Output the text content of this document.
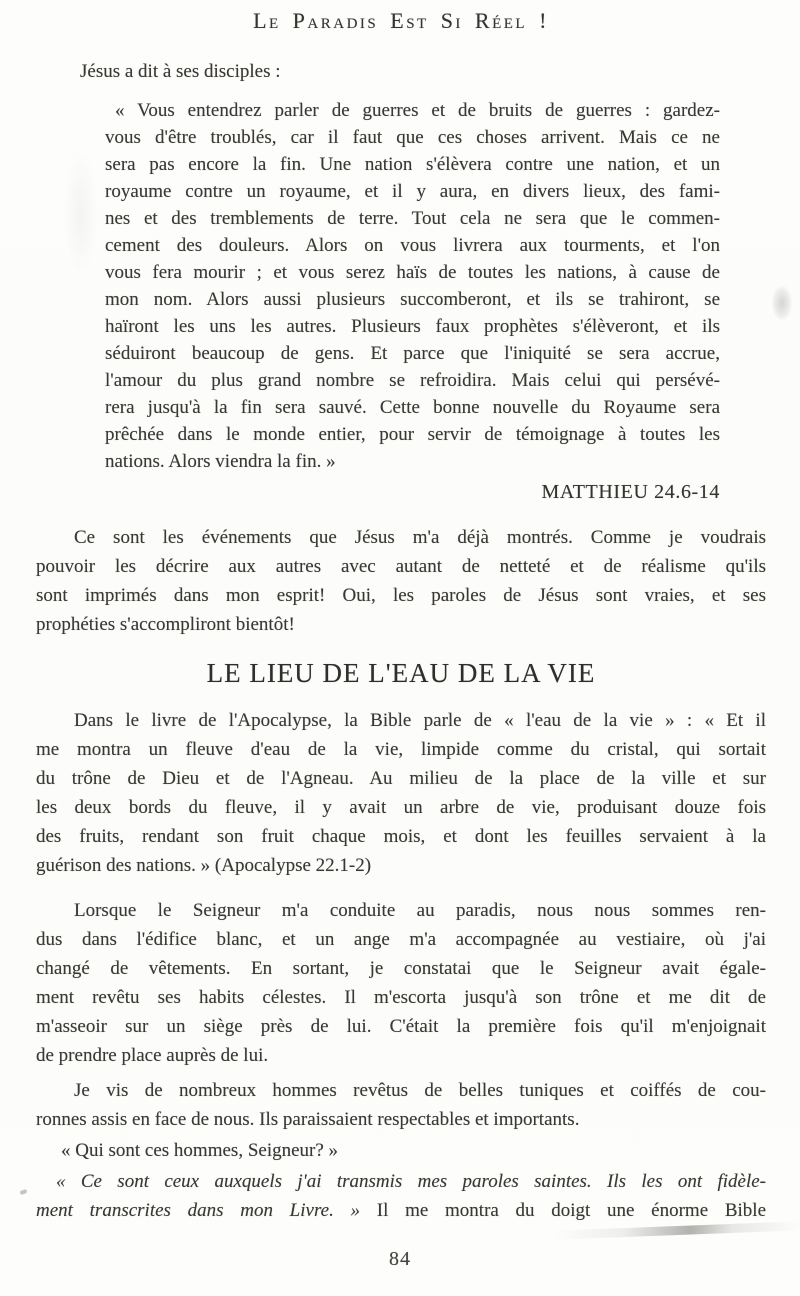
Le Paradis Est Si Réel !
Jésus a dit à ses disciples :
« Vous entendrez parler de guerres et de bruits de guerres : gardez-
vous d'être troublés, car il faut que ces choses arrivent. Mais ce ne
sera pas encore la fin. Une nation s'élèvera contre une nation, et un
royaume contre un royaume, et il y aura, en divers lieux, des fami-
nes et des tremblements de terre. Tout cela ne sera que le commen-
cement des douleurs. Alors on vous livrera aux tourments, et l'on
vous fera mourir ; et vous serez haïs de toutes les nations, à cause de
mon nom. Alors aussi plusieurs succomberont, et ils se trahiront, se
haïront les uns les autres. Plusieurs faux prophètes s'élèveront, et ils
séduiront beaucoup de gens. Et parce que l'iniquité se sera accrue,
l'amour du plus grand nombre se refroidira. Mais celui qui persévé-
rera jusqu'à la fin sera sauvé. Cette bonne nouvelle du Royaume sera
prêchée dans le monde entier, pour servir de témoignage à toutes les
nations. Alors viendra la fin. »
MATTHIEU 24.6-14
Ce sont les événements que Jésus m'a déjà montrés. Comme je voudrais
pouvoir les décrire aux autres avec autant de netteté et de réalisme qu'ils
sont imprimés dans mon esprit! Oui, les paroles de Jésus sont vraies, et ses
prophéties s'accompliront bientôt!
LE LIEU DE L'EAU DE LA VIE
Dans le livre de l'Apocalypse, la Bible parle de « l'eau de la vie » : « Et il
me montra un fleuve d'eau de la vie, limpide comme du cristal, qui sortait
du trône de Dieu et de l'Agneau. Au milieu de la place de la ville et sur
les deux bords du fleuve, il y avait un arbre de vie, produisant douze fois
des fruits, rendant son fruit chaque mois, et dont les feuilles servaient à la
guérison des nations. » (Apocalypse 22.1-2)
Lorsque le Seigneur m'a conduite au paradis, nous nous sommes ren-
dus dans l'édifice blanc, et un ange m'a accompagnée au vestiaire, où j'ai
changé de vêtements. En sortant, je constatai que le Seigneur avait égale-
ment revêtu ses habits célestes. Il m'escorta jusqu'à son trône et me dit de
m'asseoir sur un siège près de lui. C'était la première fois qu'il m'enjoignait
de prendre place auprès de lui.
Je vis de nombreux hommes revêtus de belles tuniques et coiffés de cou-
ronnes assis en face de nous. Ils paraissaient respectables et importants.
« Qui sont ces hommes, Seigneur? »
« Ce sont ceux auxquels j'ai transmis mes paroles saintes. Ils les ont fidèle-
ment transcrites dans mon Livre. » Il me montra du doigt une énorme Bible
84
